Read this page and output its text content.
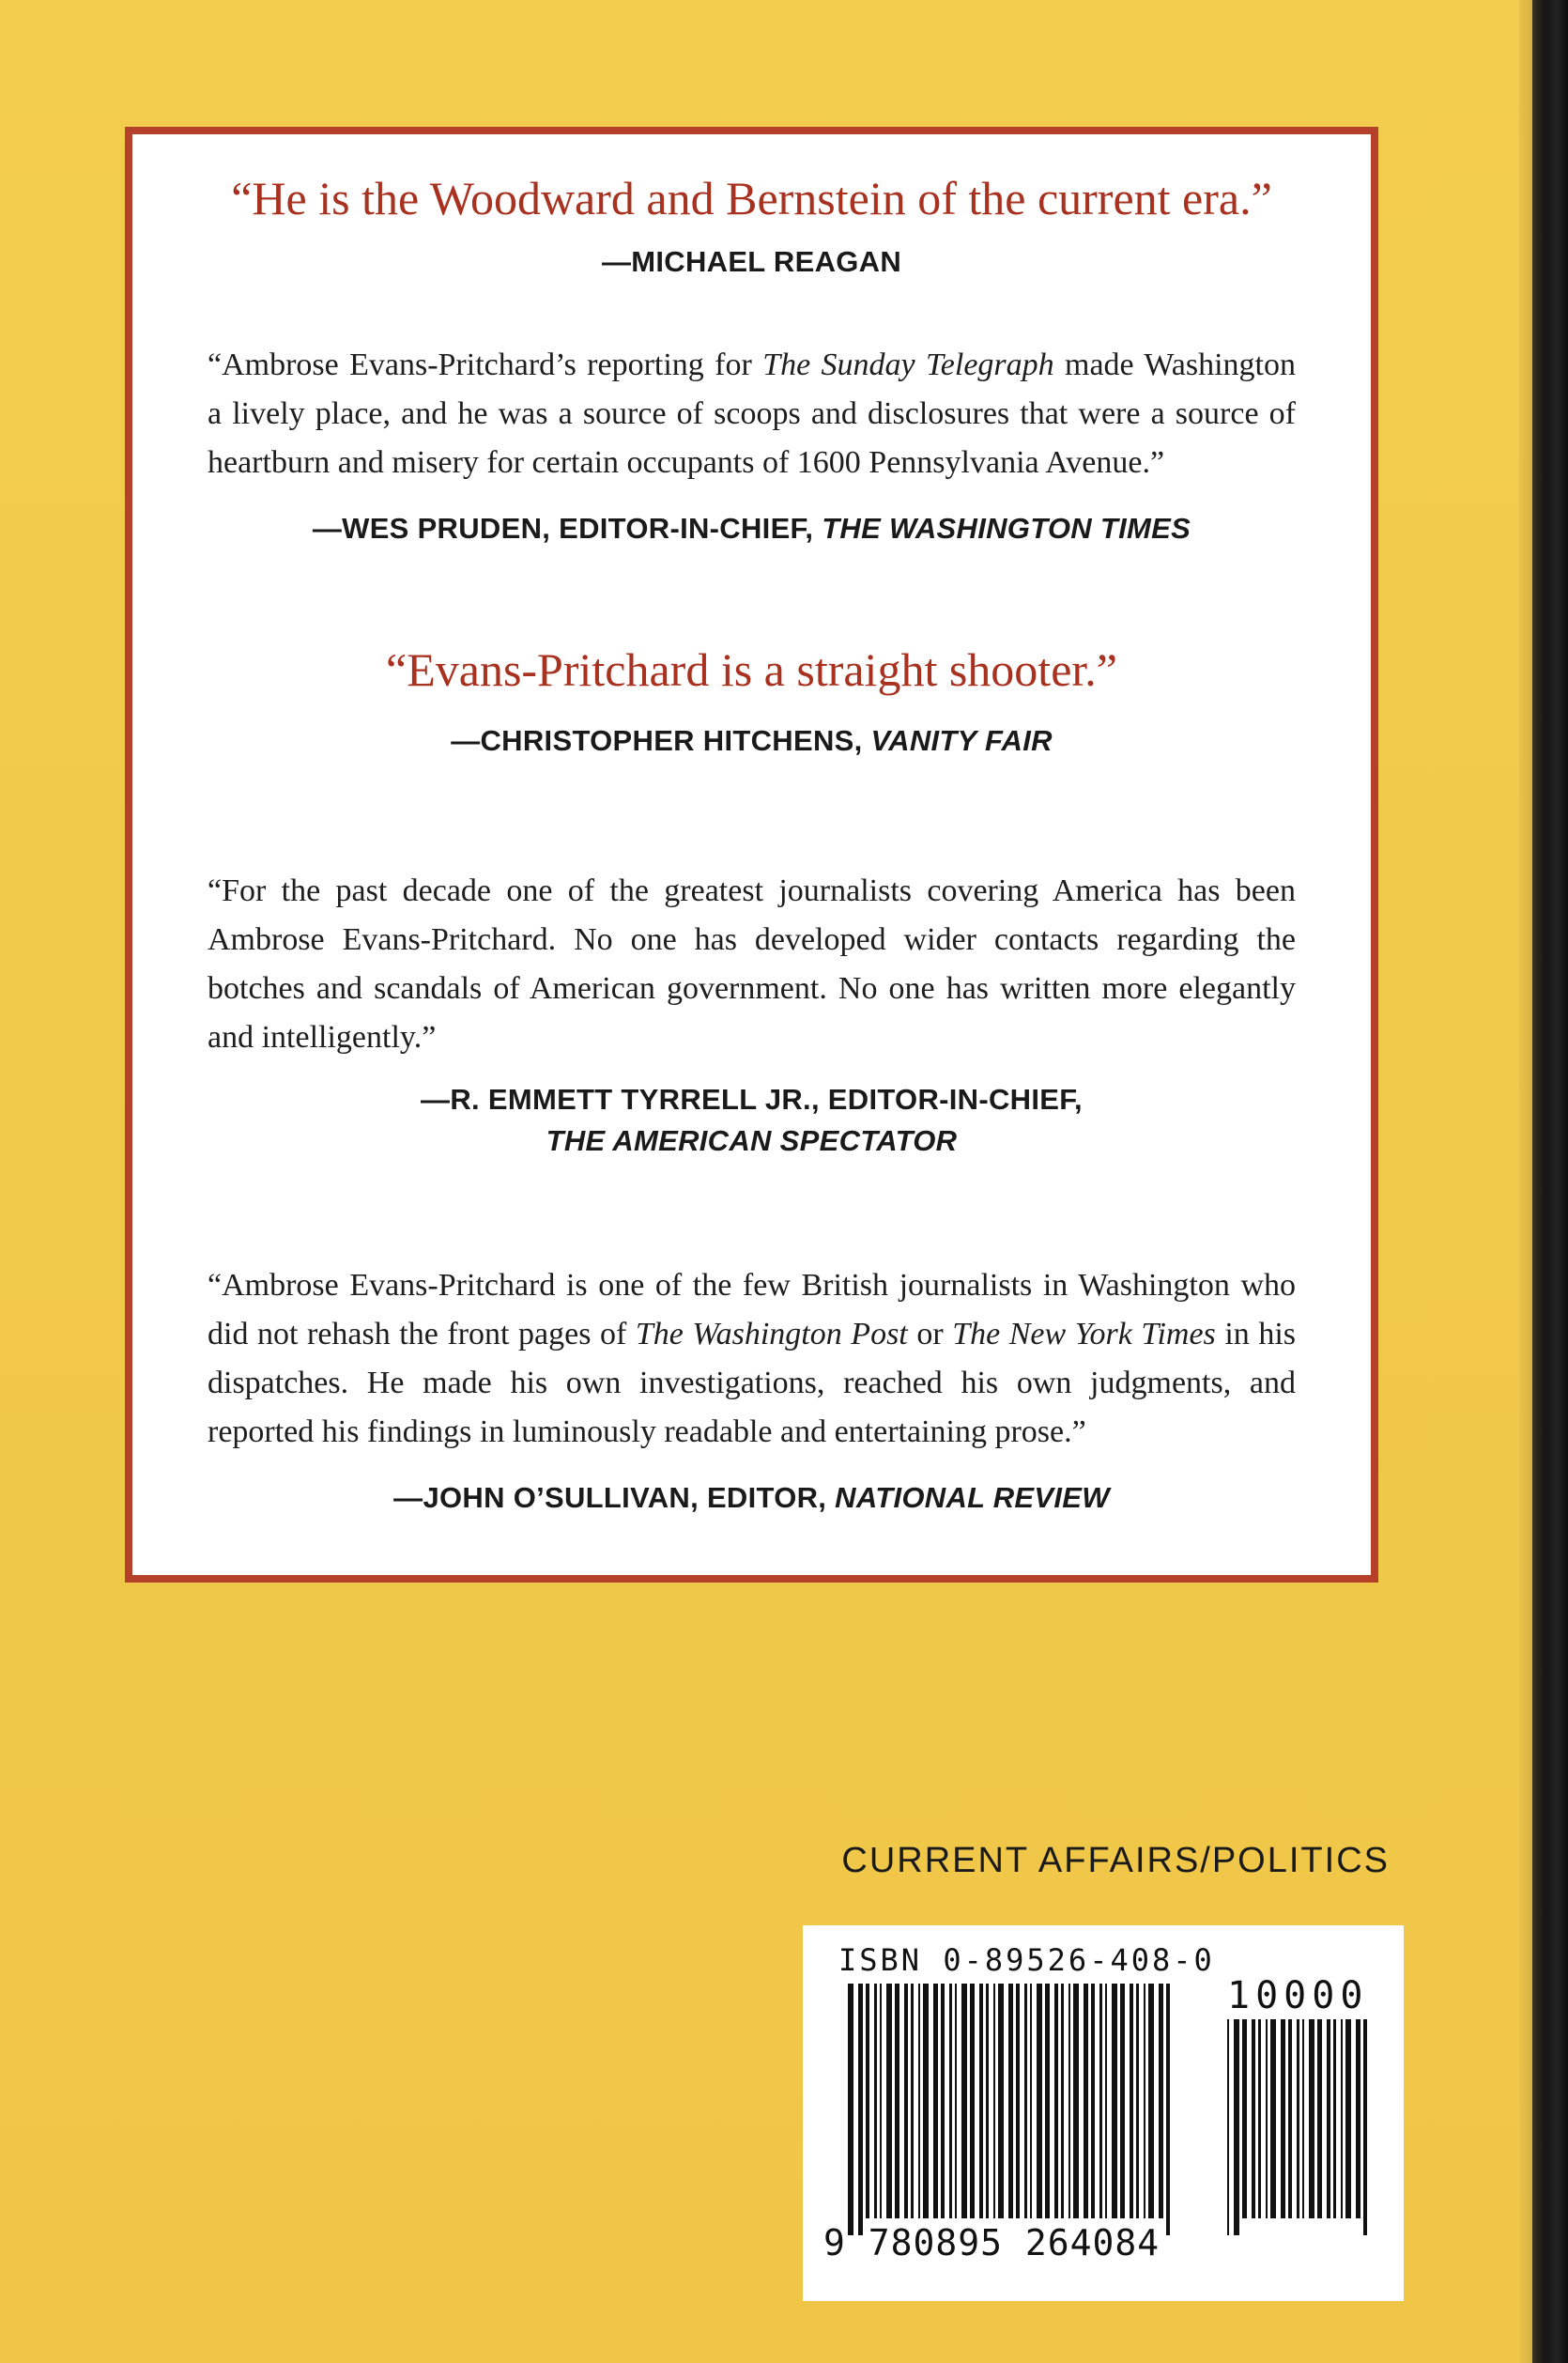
“He is the Woodward and Bernstein of the current era.”
—MICHAEL REAGAN
“Ambrose Evans-Pritchard’s reporting for The Sunday Telegraph made Washington a lively place, and he was a source of scoops and disclosures that were a source of heartburn and misery for certain occupants of 1600 Pennsylvania Avenue.”
—WES PRUDEN, EDITOR-IN-CHIEF, THE WASHINGTON TIMES
“Evans-Pritchard is a straight shooter.”
—CHRISTOPHER HITCHENS, VANITY FAIR
“For the past decade one of the greatest journalists covering America has been Ambrose Evans-Pritchard. No one has developed wider contacts regarding the botches and scandals of American government. No one has written more elegantly and intelligently.”
—R. EMMETT TYRRELL JR., EDITOR-IN-CHIEF,
THE AMERICAN SPECTATOR
“Ambrose Evans-Pritchard is one of the few British journalists in Washington who did not rehash the front pages of The Washington Post or The New York Times in his dispatches. He made his own investigations, reached his own judgments, and reported his findings in luminously readable and entertaining prose.”
—JOHN O’SULLIVAN, EDITOR, NATIONAL REVIEW
CURRENT AFFAIRS/POLITICS
ISBN 0-89526-408-0
10000
9 780895 264084
